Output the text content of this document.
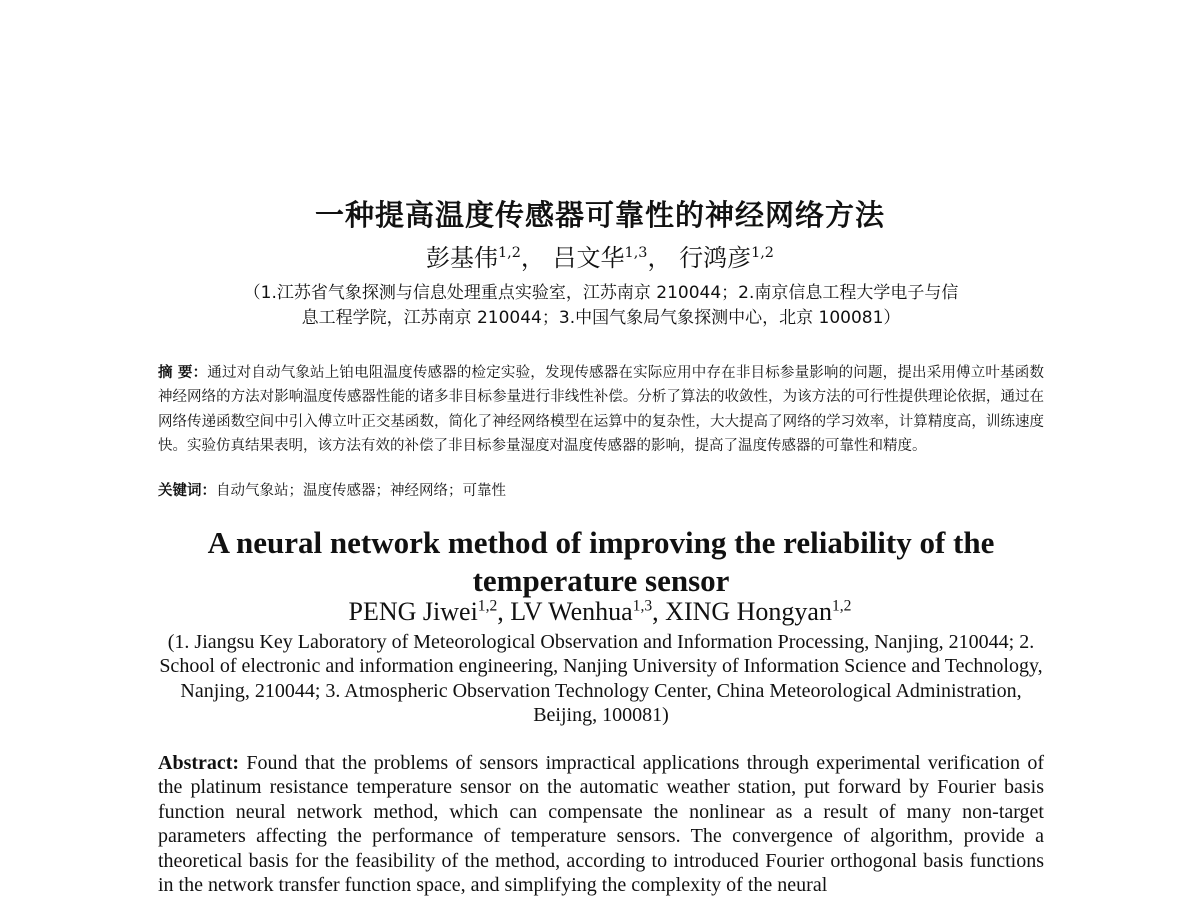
一种提高温度传感器可靠性的神经网络方法
彭基伟$^{1,2}$， 吕文华$^{1,3}$， 行鸿彦$^{1,2}$
（1.江苏省气象探测与信息处理重点实验室，江苏南京 210044；2.南京信息工程大学电子与信
息工程学院，江苏南京 210044；3.中国气象局气象探测中心，北京 100081）
摘 要：通过对自动气象站上铂电阻温度传感器的检定实验，发现传感器在实际应用中存在非目标参量影响的问题，提出采用傅立叶基函数神经网络的方法对影响温度传感器性能的诸多非目标参量进行非线性补偿。分析了算法的收敛性，为该方法的可行性提供理论依据，通过在网络传递函数空间中引入傅立叶正交基函数，简化了神经网络模型在运算中的复杂性，大大提高了网络的学习效率，计算精度高，训练速度快。实验仿真结果表明，该方法有效的补偿了非目标参量湿度对温度传感器的影响，提高了温度传感器的可靠性和精度。
关键词：自动气象站；温度传感器；神经网络；可靠性
A neural network method of improving the reliability of the temperature sensor
PENG Jiwei$^{1,2}$, LV Wenhua$^{1,3}$, XING Hongyan$^{1,2}$
(1. Jiangsu Key Laboratory of Meteorological Observation and Information Processing, Nanjing, 210044; 2. School of electronic and information engineering, Nanjing University of Information Science and Technology, Nanjing, 210044; 3. Atmospheric Observation Technology Center, China Meteorological Administration, Beijing, 100081)
Abstract: Found that the problems of sensors impractical applications through experimental verification of the platinum resistance temperature sensor on the automatic weather station, put forward by Fourier basis function neural network method, which can compensate the nonlinear as a result of many non-target parameters affecting the performance of temperature sensors. The convergence of algorithm, provide a theoretical basis for the feasibility of the method, according to introduced Fourier orthogonal basis functions in the network transfer function space, and simplifying the complexity of the neural
